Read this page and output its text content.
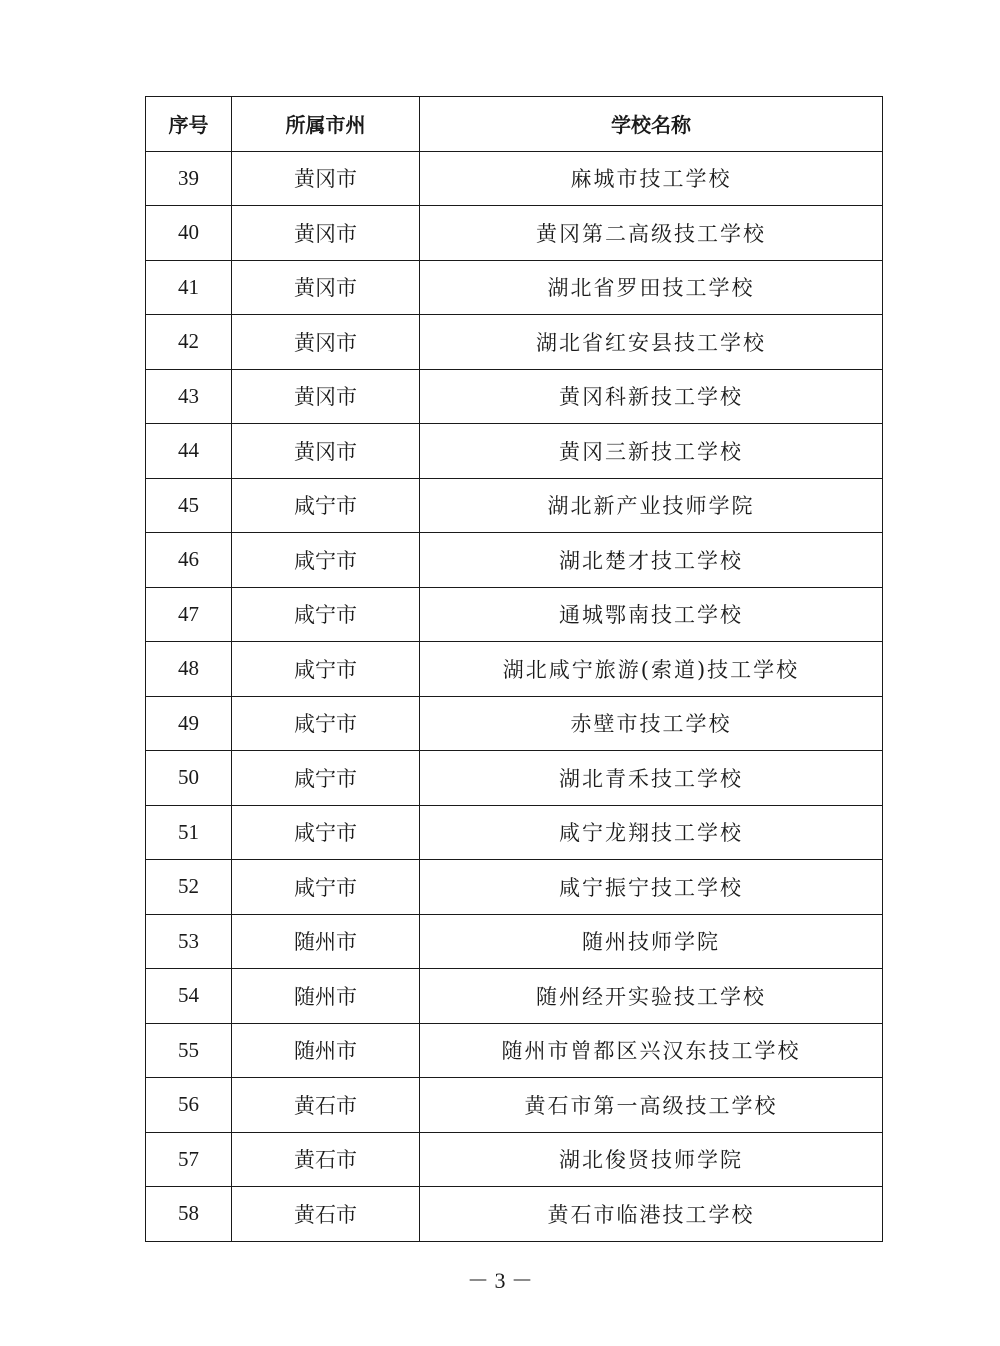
序号	所属市州	学校名称
39	黄冈市	麻城市技工学校
40	黄冈市	黄冈第二高级技工学校
41	黄冈市	湖北省罗田技工学校
42	黄冈市	湖北省红安县技工学校
43	黄冈市	黄冈科新技工学校
44	黄冈市	黄冈三新技工学校
45	咸宁市	湖北新产业技师学院
46	咸宁市	湖北楚才技工学校
47	咸宁市	通城鄂南技工学校
48	咸宁市	湖北咸宁旅游(索道)技工学校
49	咸宁市	赤壁市技工学校
50	咸宁市	湖北青禾技工学校
51	咸宁市	咸宁龙翔技工学校
52	咸宁市	咸宁振宁技工学校
53	随州市	随州技师学院
54	随州市	随州经开实验技工学校
55	随州市	随州市曾都区兴汉东技工学校
56	黄石市	黄石市第一高级技工学校
57	黄石市	湖北俊贤技师学院
58	黄石市	黄石市临港技工学校
－ 3 －
